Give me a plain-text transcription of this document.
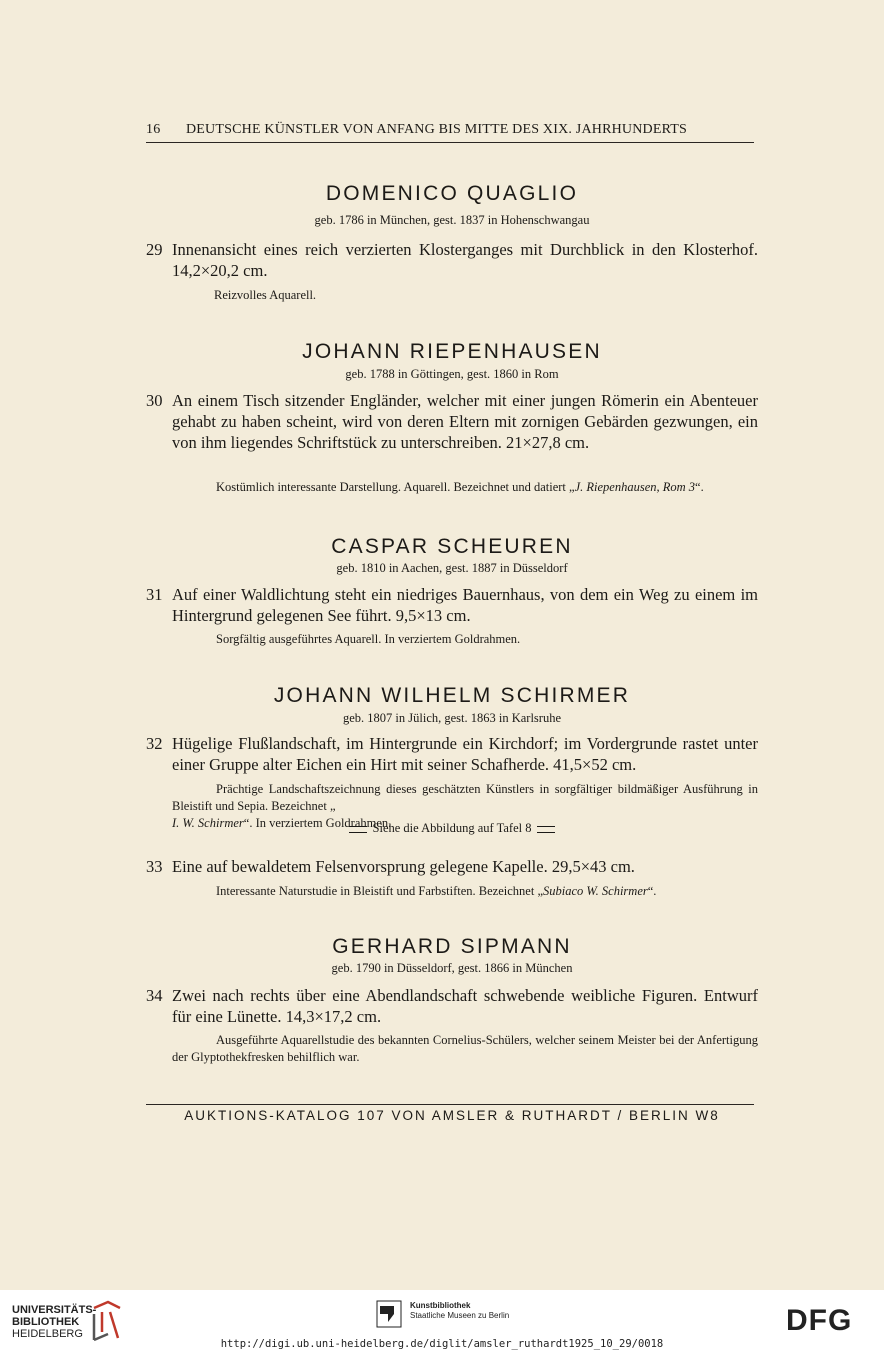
16 DEUTSCHE KÜNSTLER VON ANFANG BIS MITTE DES XIX. JAHRHUNDERTS
DOMENICO QUAGLIO
geb. 1786 in München, gest. 1837 in Hohenschwangau
29 Innenansicht eines reich verzierten Klosterganges mit Durchblick in den Klosterhof. 14,2×20,2 cm.
Reizvolles Aquarell.
JOHANN RIEPENHAUSEN
geb. 1788 in Göttingen, gest. 1860 in Rom
30 An einem Tisch sitzender Engländer, welcher mit einer jungen Römerin ein Abenteuer gehabt zu haben scheint, wird von deren Eltern mit zornigen Gebärden gezwungen, ein von ihm liegendes Schriftstück zu unterschreiben. 21×27,8 cm.
Kostümlich interessante Darstellung. Aquarell. Bezeichnet und datiert „J. Riepenhausen, Rom 3“.
CASPAR SCHEUREN
geb. 1810 in Aachen, gest. 1887 in Düsseldorf
31 Auf einer Waldlichtung steht ein niedriges Bauernhaus, von dem ein Weg zu einem im Hintergrund gelegenen See führt. 9,5×13 cm.
Sorgfältig ausgeführtes Aquarell. In verziertem Goldrahmen.
JOHANN WILHELM SCHIRMER
geb. 1807 in Jülich, gest. 1863 in Karlsruhe
32 Hügelige Flußlandschaft, im Hintergrunde ein Kirchdorf; im Vordergrunde rastet unter einer Gruppe alter Eichen ein Hirt mit seiner Schafherde. 41,5×52 cm.
Prächtige Landschaftszeichnung dieses geschätzten Künstlers in sorgfältiger bildmäßiger Ausführung in Bleistift und Sepia. Bezeichnet „I. W. Schirmer“. In verziertem Goldrahmen.
Siehe die Abbildung auf Tafel 8
33 Eine auf bewaldetem Felsenvorsprung gelegene Kapelle. 29,5×43 cm.
Interessante Naturstudie in Bleistift und Farbstiften. Bezeichnet „Subiaco W. Schirmer“.
GERHARD SIPMANN
geb. 1790 in Düsseldorf, gest. 1866 in München
34 Zwei nach rechts über eine Abendlandschaft schwebende weibliche Figuren. Entwurf für eine Lünette. 14,3×17,2 cm.
Ausgeführte Aquarellstudie des bekannten Cornelius-Schülers, welcher seinem Meister bei der Anfertigung der Glyptothekfresken behilflich war.
AUKTIONS-KATALOG 107 VON AMSLER & RUTHARDT / BERLIN W8
UNIVERSITÄTS-
BIBLIOTHEK
HEIDELBERG
Kunstbibliothek
Staatliche Museen zu Berlin	DFG
http://digi.ub.uni-heidelberg.de/diglit/amsler_ruthardt1925_10_29/0018
